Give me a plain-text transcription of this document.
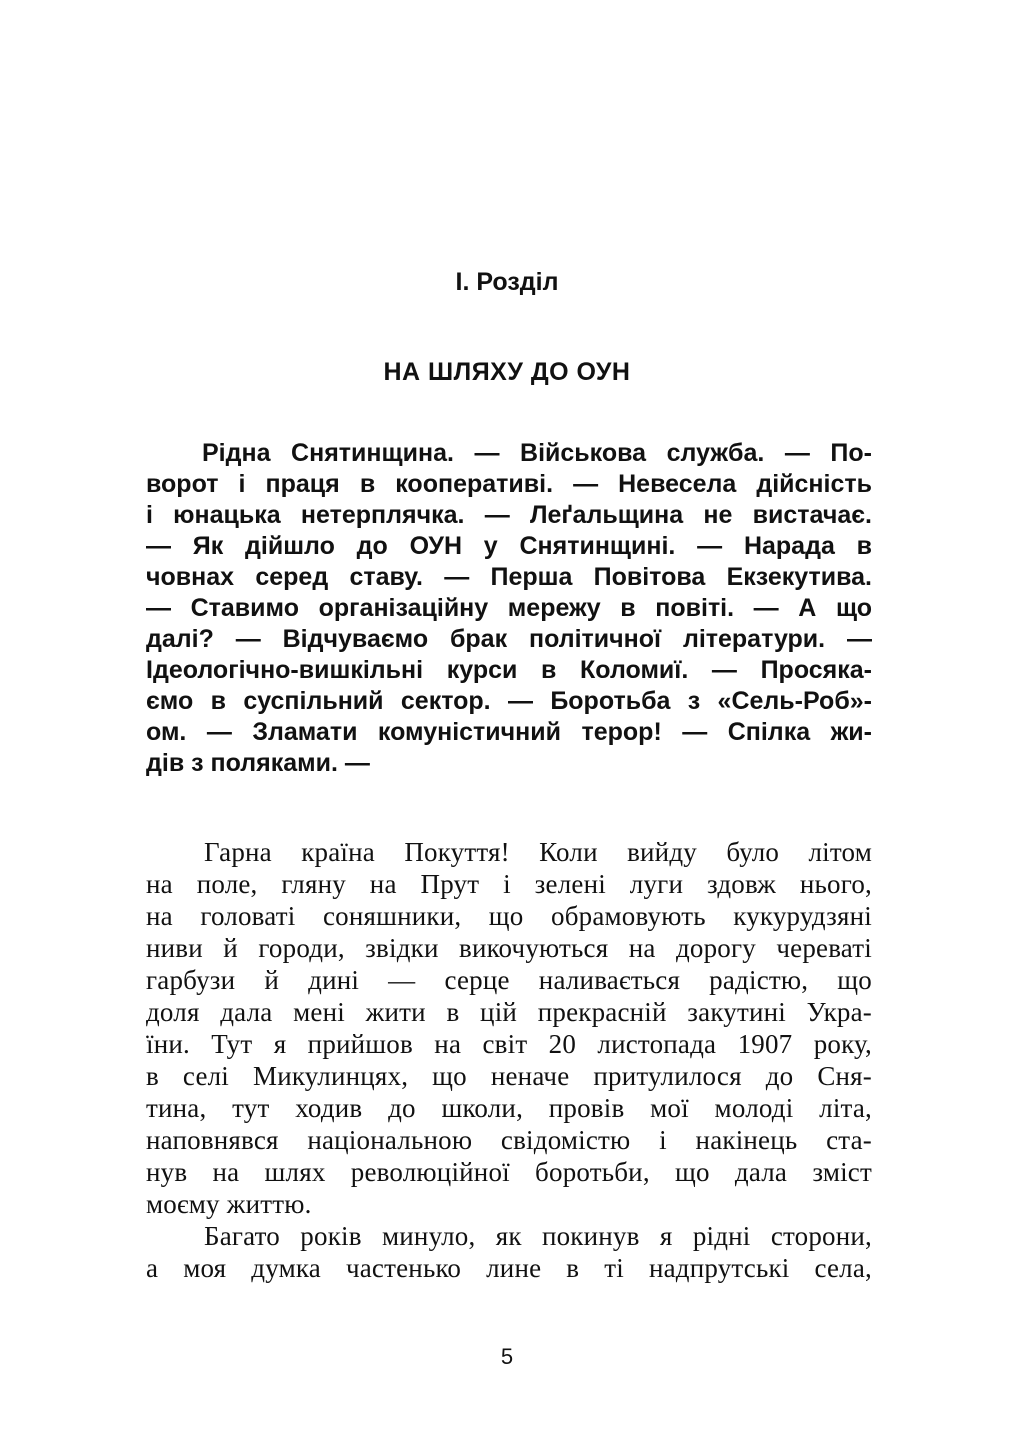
І. Розділ
НА ШЛЯХУ ДО ОУН
Рідна Снятинщина. — Військова служба. — По-
ворот і праця в кооперативі. — Невесела дійсність
і юнацька нетерплячка. — Леґальщина не вистачає.
— Як дійшло до ОУН у Снятинщині. — Нарада в
човнах серед ставу. — Перша Повітова Екзекутива.
— Ставимо організаційну мережу в повіті. — А що
далі? — Відчуваємо брак політичної літератури. —
Ідеологічно-вишкільні курси в Коломиї. — Просяка-
ємо в суспільний сектор. — Боротьба з «Сель-Роб»-
ом. — Зламати комуністичний терор! — Спілка жи-
дів з поляками. —
Гарна країна Покуття! Коли вийду було літом
на поле, гляну на Прут і зелені луги здовж нього,
на головаті соняшники, що обрамовують кукурудзяні
ниви й городи, звідки викочуються на дорогу череваті
гарбузи й дині — серце наливається радістю, що
доля дала мені жити в цій прекрасній закутині Укра-
їни. Тут я прийшов на світ 20 листопада 1907 року,
в селі Микулинцях, що неначе притулилося до Сня-
тина, тут ходив до школи, провів мої молоді літа,
наповнявся національною свідомістю і накінець ста-
нув на шлях революційної боротьби, що дала зміст
моєму життю.
Багато років минуло, як покинув я рідні сторони,
а моя думка частенько лине в ті надпрутські села,
5
